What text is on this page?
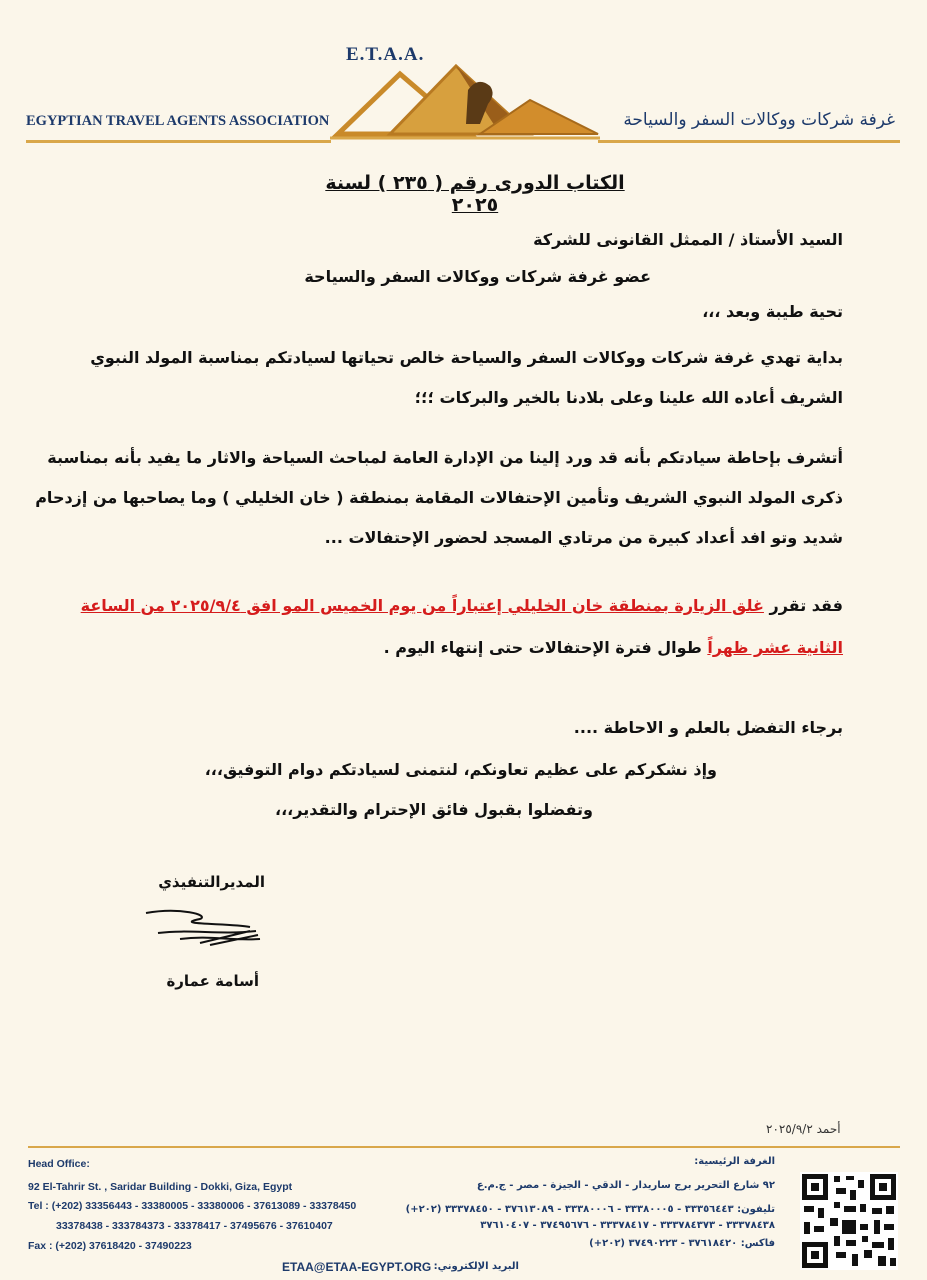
E.T.A.A.
EGYPTIAN TRAVEL AGENTS ASSOCIATION	غرفة شركات ووكالات السفر والسياحة
الكتاب الدورى رقم ( ٢٣٥ ) لسنة ٢٠٢٥
السيد الأستاذ / الممثل القانونى للشركة
عضو غرفة شركات ووكالات السفر والسياحة
تحية طيبة وبعد ،،،
بداية تهدي غرفة شركات ووكالات السفر والسياحة خالص تحياتها لسيادتكم بمناسبة المولد النبوي
الشريف أعاده الله علينا وعلى بلادنا بالخير والبركات ؛؛؛
أتشرف بإحاطة سيادتكم بأنه قد ورد إلينا من الإدارة العامة لمباحث السياحة والاثار ما يفيد بأنه بمناسبة
ذكرى المولد النبوي الشريف وتأمين الإحتفالات المقامة بمنطقة ( خان الخليلي ) وما يصاحبها من إزدحام
شديد وتو افد أعداد كبيرة من مرتادي المسجد لحضور الإحتفالات ...
فقد تقرر غلق الزيارة بمنطقة خان الخليلي إعتباراً من يوم الخميس المو افق ٢٠٢٥/٩/٤ من الساعة
الثانية عشر ظهراً طوال فترة الإحتفالات حتى إنتهاء اليوم .
برجاء التفضل بالعلم و الاحاطة ....
وإذ نشكركم على عظيم تعاونكم، لنتمنى لسيادتكم دوام التوفيق،،،
وتفضلوا بقبول فائق الإحترام والتقدير،،،
المديرالتنفيذي
أسامة عمارة
أحمد ٢٠٢٥/٩/٢
Head Office:
92 El-Tahrir St. , Saridar Building - Dokki, Giza, Egypt
Tel : (+202) 33356443 - 33380005 - 33380006 - 37613089 - 33378450
33378438 - 333784373 - 33378417 - 37495676 - 37610407
Fax : (+202) 37618420 - 37490223
الغرفة الرئيسية:
٩٢ شارع التحرير برج ساريدار - الدقي - الجيزة - مصر - ج.م.ع
تليفون: ٣٣٣٥٦٤٤٣ - ٣٣٣٨٠٠٠٥ - ٣٣٣٨٠٠٠٦ - ٣٧٦١٣٠٨٩ - ٣٣٣٧٨٤٥٠ (٢٠٢+)
٣٣٣٧٨٤٣٨ - ٣٣٣٧٨٤٣٧٣ - ٣٣٣٧٨٤١٧ - ٣٧٤٩٥٦٧٦ - ٣٧٦١٠٤٠٧
فاكس: ٣٧٦١٨٤٢٠ - ٣٧٤٩٠٢٢٣ (٢٠٢+)
ETAA@ETAA-EGYPT.ORG البريد الإلكتروني:
